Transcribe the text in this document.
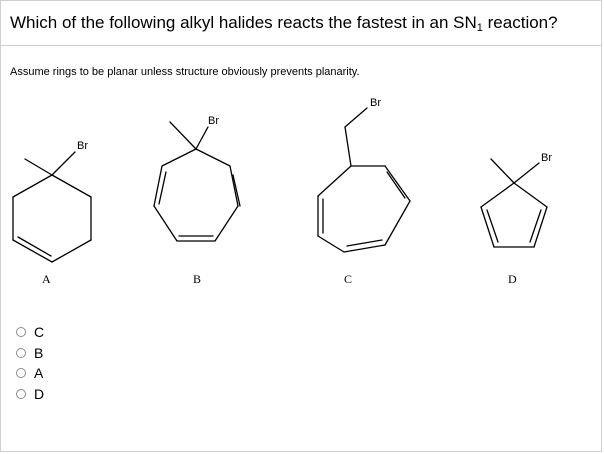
Which of the following alkyl halides reacts the fastest in an $SN_1$ reaction?
Assume rings to be planar unless structure obviously prevents planarity.
Br
Br
Br
Br
A	B	C	D
C
B
A
D
